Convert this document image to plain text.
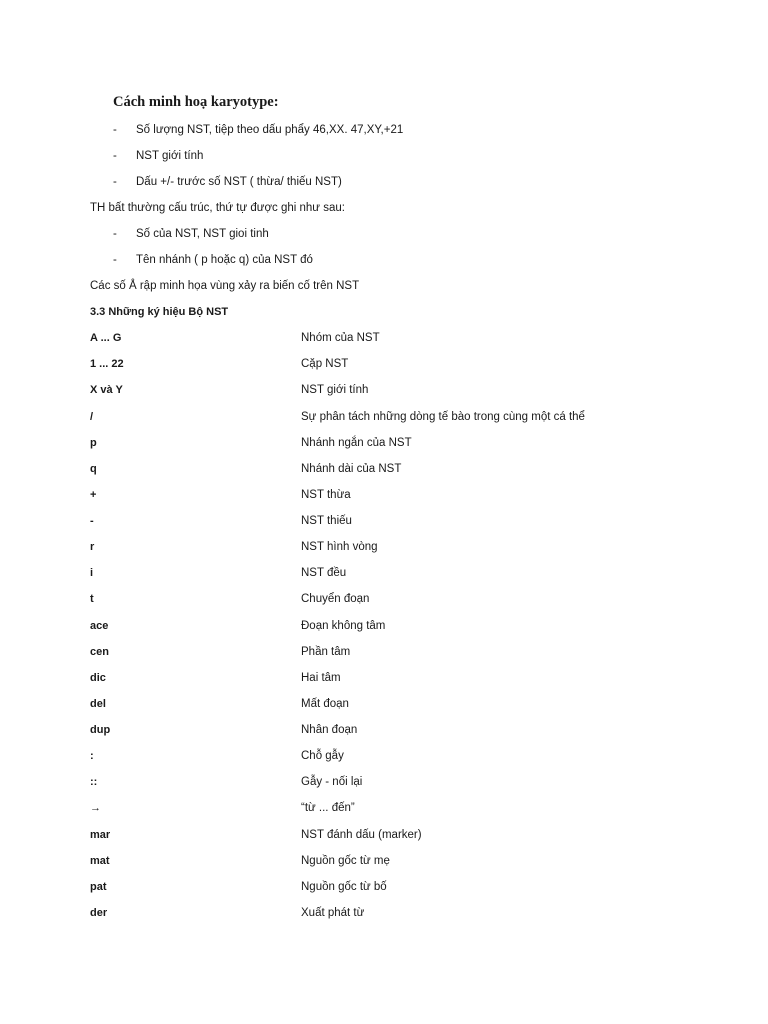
Cách minh hoạ karyotype:
- Số lượng NST, tiệp theo dấu phẩy 46,XX. 47,XY,+21
- NST giới tính
- Dấu +/- trước số NST ( thừa/ thiếu NST)
TH bất thường cấu trúc, thứ tự được ghi như sau:
- Số của NST, NST gioi tinh
- Tên nhánh ( p hoặc q) của NST đó
Các số Å rập minh họa vùng xảy ra biến cố trên NST
3.3 Những ký hiệu Bộ NST
A ... G	Nhóm của NST
1 ... 22	Cặp NST
X và Y	NST giới tính
/	Sự phân tách những dòng tế bào trong cùng một cá thể
p	Nhánh ngắn của NST
q	Nhánh dài của NST
+	NST thừa
-	NST thiếu
r	NST hình vòng
i	NST đều
t	Chuyển đoạn
ace	Đoạn không tâm
cen	Phần tâm
dic	Hai tâm
del	Mất đoạn
dup	Nhân đoạn
:	Chỗ gẫy
::	Gẫy - nối lại
→	“từ ... đến”
mar	NST đánh dấu (marker)
mat	Nguồn gốc từ mẹ
pat	Nguồn gốc từ bố
der	Xuất phát từ
